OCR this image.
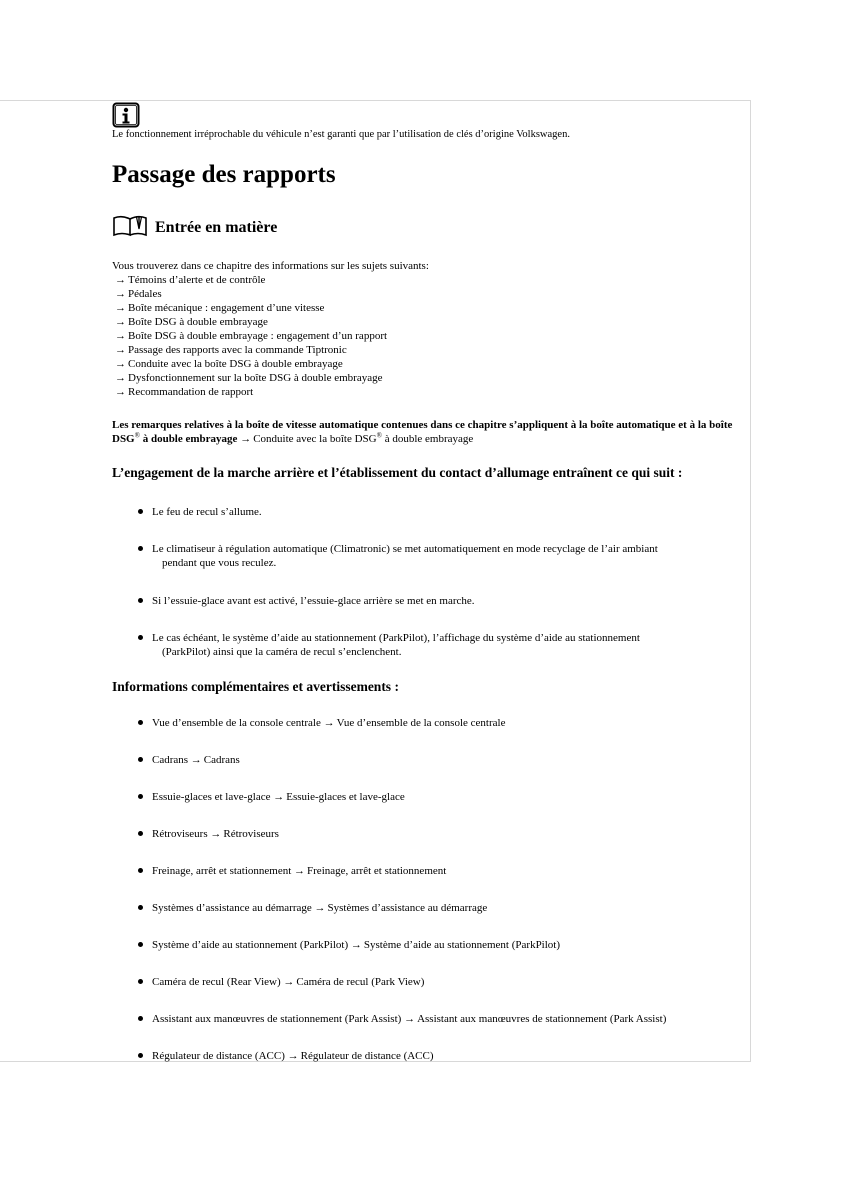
Le fonctionnement irréprochable du véhicule n’est garanti que par l’utilisation de clés d’origine Volkswagen.
Passage des rapports
Entrée en matière
Vous trouverez dans ce chapitre des informations sur les sujets suivants:
→ Témoins d’alerte et de contrôle
→ Pédales
→ Boîte mécanique : engagement d’une vitesse
→ Boîte DSG à double embrayage
→ Boîte DSG à double embrayage : engagement d’un rapport
→ Passage des rapports avec la commande Tiptronic
→ Conduite avec la boîte DSG à double embrayage
→ Dysfonctionnement sur la boîte DSG à double embrayage
→ Recommandation de rapport
Les remarques relatives à la boîte de vitesse automatique contenues dans ce chapitre s’appliquent à la boîte automatique et à la boîte DSG® à double embrayage → Conduite avec la boîte DSG® à double embrayage
L’engagement de la marche arrière et l’établissement du contact d’allumage entraînent ce qui suit :
Le feu de recul s’allume.
Le climatiseur à régulation automatique (Climatronic) se met automatiquement en mode recyclage de l’air ambiant
pendant que vous reculez.
Si l’essuie-glace avant est activé, l’essuie-glace arrière se met en marche.
Le cas échéant, le système d’aide au stationnement (ParkPilot), l’affichage du système d’aide au stationnement
(ParkPilot) ainsi que la caméra de recul s’enclenchent.
Informations complémentaires et avertissements :
Vue d’ensemble de la console centrale → Vue d’ensemble de la console centrale
Cadrans → Cadrans
Essuie-glaces et lave-glace → Essuie-glaces et lave-glace
Rétroviseurs → Rétroviseurs
Freinage, arrêt et stationnement → Freinage, arrêt et stationnement
Systèmes d’assistance au démarrage → Systèmes d’assistance au démarrage
Système d’aide au stationnement (ParkPilot) → Système d’aide au stationnement (ParkPilot)
Caméra de recul (Rear View) → Caméra de recul (Park View)
Assistant aux manœuvres de stationnement (Park Assist) → Assistant aux manœuvres de stationnement (Park Assist)
Régulateur de distance (ACC) → Régulateur de distance (ACC)
